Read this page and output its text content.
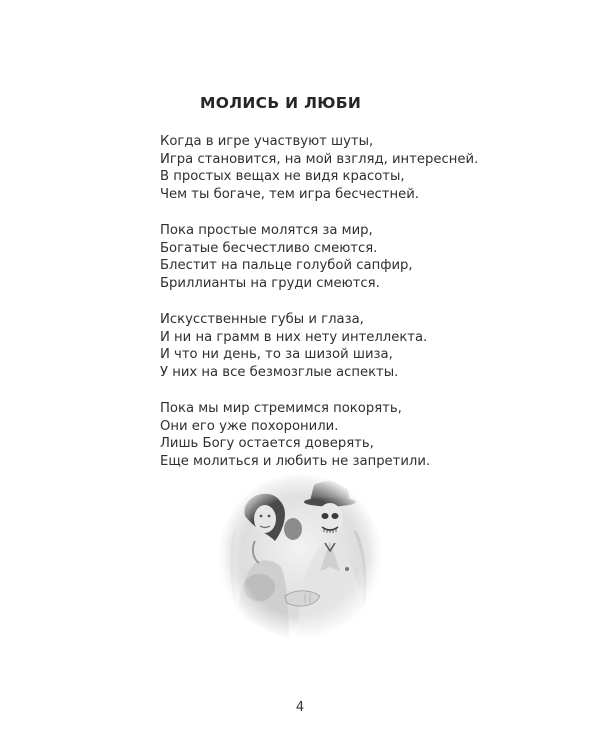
МОЛИСЬ И ЛЮБИ
Когда в игре участвуют шуты,
Игра становится, на мой взгляд, интересней.
В простых вещах не видя красоты,
Чем ты богаче, тем игра бесчестней.
Пока простые молятся за мир,
Богатые бесчестливо смеются.
Блестит на пальце голубой сапфир,
Бриллианты на груди смеются.
Искусственные губы и глаза,
И ни на грамм в них нету интеллекта.
И что ни день, то за шизой шиза,
У них на все безмозглые аспекты.
Пока мы мир стремимся покорять,
Они его уже похоронили.
Лишь Богу остается доверять,
Еще молиться и любить не запретили.
4
